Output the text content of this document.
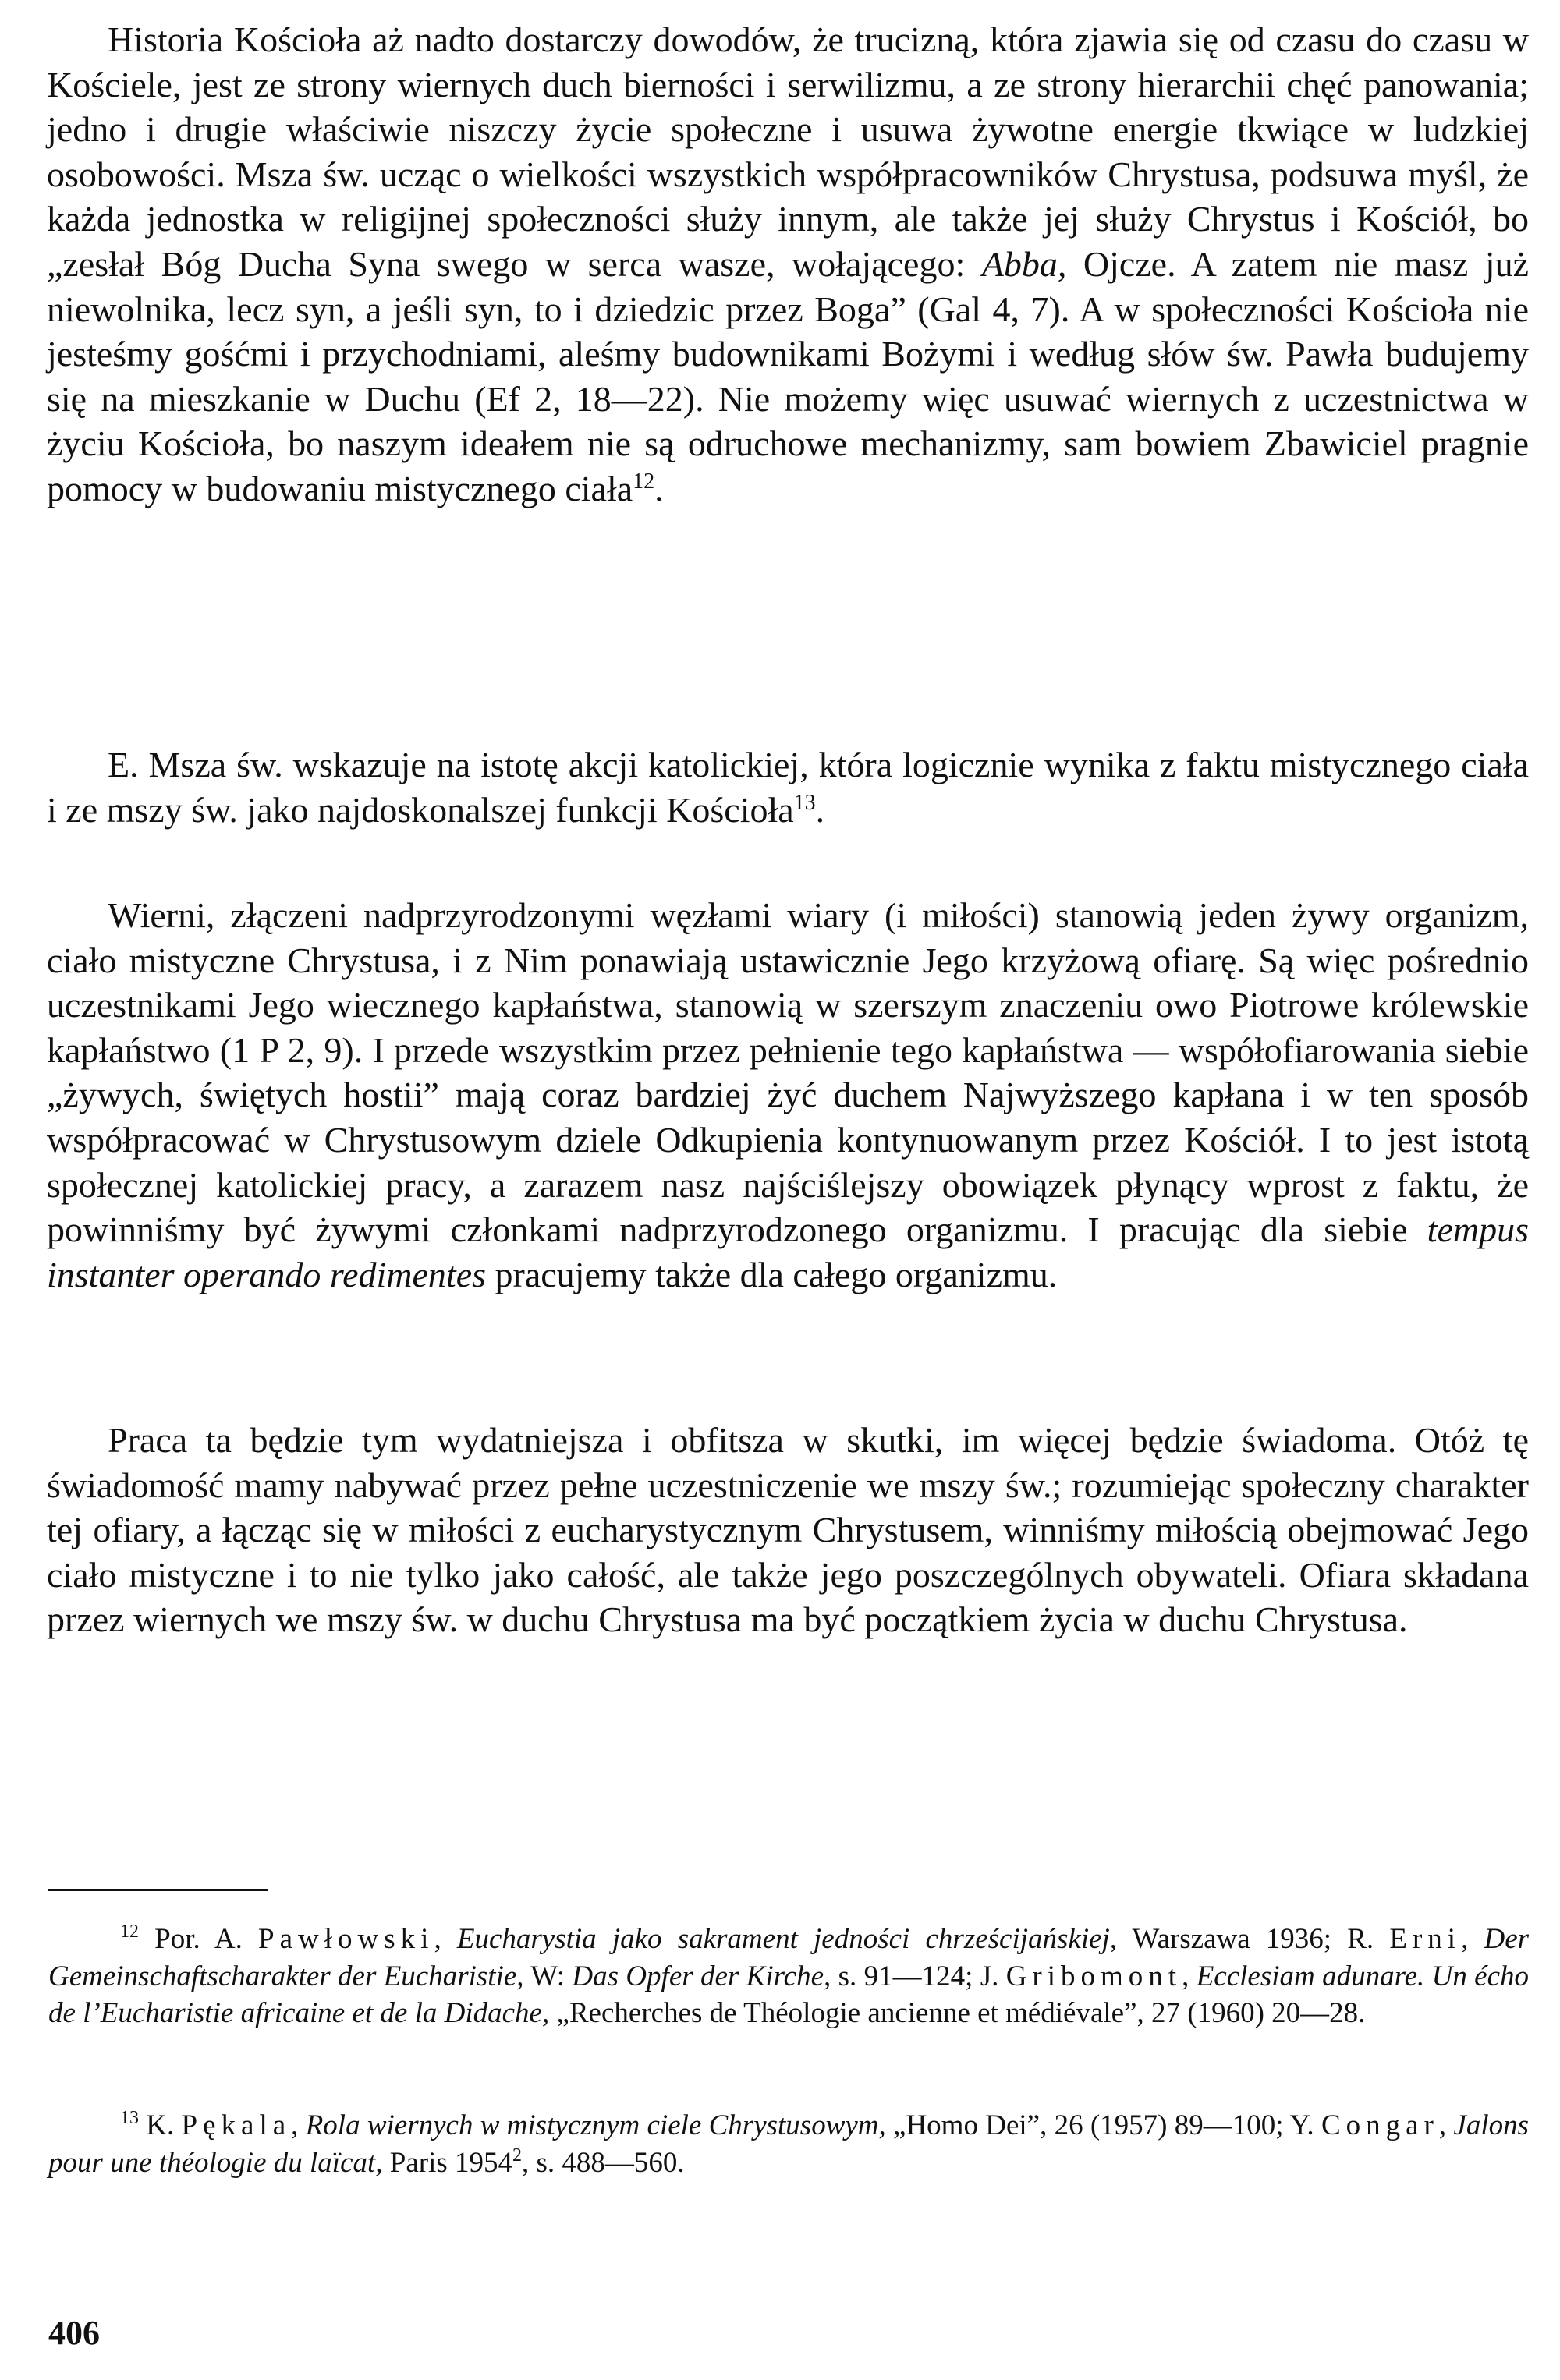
Historia Kościoła aż nadto dostarczy dowodów, że trucizną, która zjawia się od czasu do czasu w Kościele, jest ze strony wiernych duch bierności i serwilizmu, a ze strony hierarchii chęć panowania; jedno i drugie właściwie niszczy życie społeczne i usuwa żywotne energie tkwiące w ludzkiej osobowości. Msza św. ucząc o wielkości wszystkich współpracowników Chrystusa, podsuwa myśl, że każda jednostka w religijnej społeczności służy innym, ale także jej służy Chrystus i Kościół, bo „zesłał Bóg Ducha Syna swego w serca wasze, wołającego: Abba, Ojcze. A zatem nie masz już niewolnika, lecz syn, a jeśli syn, to i dziedzic przez Boga” (Gal 4, 7). A w społeczności Kościoła nie jesteśmy gośćmi i przychodniami, aleśmy budownikami Bożymi i według słów św. Pawła budujemy się na mieszkanie w Duchu (Ef 2, 18—22). Nie możemy więc usuwać wiernych z uczestnictwa w życiu Kościoła, bo naszym ideałem nie są odruchowe mechanizmy, sam bowiem Zbawiciel pragnie pomocy w budowaniu mistycznego ciała$^{12}$.

E. Msza św. wskazuje na istotę akcji katolickiej, która logicznie wynika z faktu mistycznego ciała i ze mszy św. jako najdoskonalszej funkcji Kościoła$^{13}$.

Wierni, złączeni nadprzyrodzonymi węzłami wiary (i miłości) stanowią jeden żywy organizm, ciało mistyczne Chrystusa, i z Nim ponawiają ustawicznie Jego krzyżową ofiarę. Są więc pośrednio uczestnikami Jego wiecznego kapłaństwa, stanowią w szerszym znaczeniu owo Piotrowe królewskie kapłaństwo (1 P 2, 9). I przede wszystkim przez pełnienie tego kapłaństwa — współofiarowania siebie „żywych, świętych hostii” mają coraz bardziej żyć duchem Najwyższego kapłana i w ten sposób współpracować w Chrystusowym dziele Odkupienia kontynuowanym przez Kościół. I to jest istotą społecznej katolickiej pracy, a zarazem nasz najściślejszy obowiązek płynący wprost z faktu, że powinniśmy być żywymi członkami nadprzyrodzonego organizmu. I pracując dla siebie tempus instanter operando redimentes pracujemy także dla całego organizmu.

Praca ta będzie tym wydatniejsza i obfitsza w skutki, im więcej będzie świadoma. Otóż tę świadomość mamy nabywać przez pełne uczestniczenie we mszy św.; rozumiejąc społeczny charakter tej ofiary, a łącząc się w miłości z eucharystycznym Chrystusem, winniśmy miłością obejmować Jego ciało mistyczne i to nie tylko jako całość, ale także jego poszczególnych obywateli. Ofiara składana przez wiernych we mszy św. w duchu Chrystusa ma być początkiem życia w duchu Chrystusa.

$^{12}$ Por. A. Pawłowski, Eucharystia jako sakrament jedności chrześcijańskiej, Warszawa 1936; R. Erni, Der Gemeinschaftscharakter der Eucharistie, W: Das Opfer der Kirche, s. 91—124; J. Gribomont, Ecclesiam adunare. Un écho de l’Eucharistie africaine et de la Didache, „Recherches de Théologie ancienne et médiévale”, 27 (1960) 20—28.

$^{13}$ K. Pękala, Rola wiernych w mistycznym ciele Chrystusowym, „Homo Dei”, 26 (1957) 89—100; Y. Congar, Jalons pour une théologie du laïcat, Paris 1954$^2$, s. 488—560.

406
